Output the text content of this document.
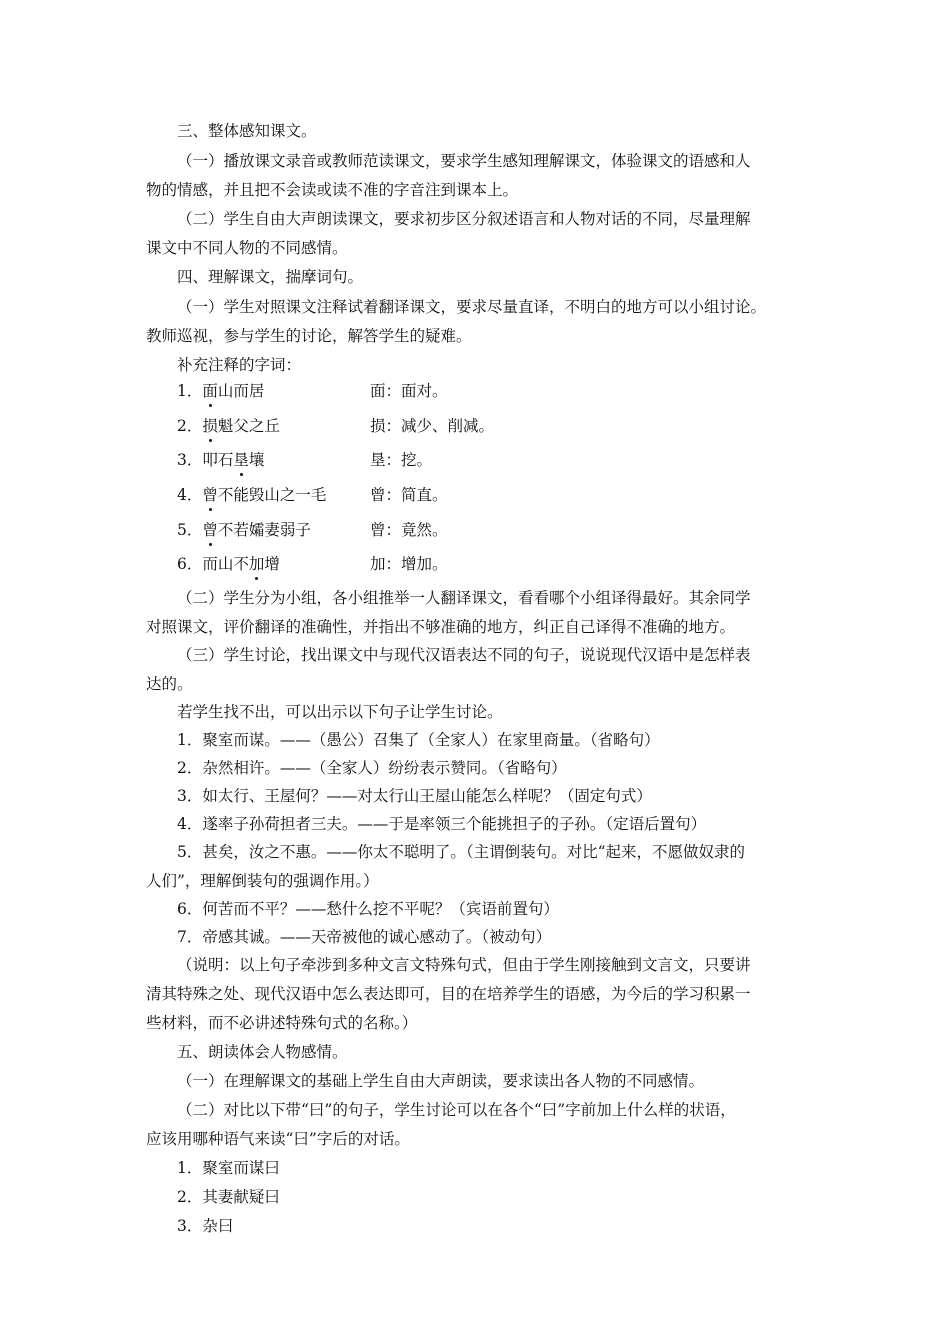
三、整体感知课文。
（一）播放课文录音或教师范读课文，要求学生感知理解课文，体验课文的语感和人
物的情感，并且把不会读或读不准的字音注到课本上。
（二）学生自由大声朗读课文，要求初步区分叙述语言和人物对话的不同，尽量理解
课文中不同人物的不同感情。
四、理解课文，揣摩词句。
（一）学生对照课文注释试着翻译课文，要求尽量直译，不明白的地方可以小组讨论。
教师巡视，参与学生的讨论，解答学生的疑难。
补充注释的字词：
1．面山而居	面：面对。
2．损魁父之丘	损：减少、削减。
3．叩石垦壤	垦：挖。
4．曾不能毁山之一毛	曾：简直。
5．曾不若孀妻弱子	曾：竟然。
6．而山不加增	加：增加。
（二）学生分为小组，各小组推举一人翻译课文，看看哪个小组译得最好。其余同学
对照课文，评价翻译的准确性，并指出不够准确的地方，纠正自己译得不准确的地方。
（三）学生讨论，找出课文中与现代汉语表达不同的句子，说说现代汉语中是怎样表
达的。
若学生找不出，可以出示以下句子让学生讨论。
1．聚室而谋。——（愚公）召集了（全家人）在家里商量。（省略句）
2．杂然相许。——（全家人）纷纷表示赞同。（省略句）
3．如太行、王屋何？——对太行山王屋山能怎么样呢？（固定句式）
4．遂率子孙荷担者三夫。——于是率领三个能挑担子的子孙。（定语后置句）
5．甚矣，汝之不惠。——你太不聪明了。（主谓倒装句。对比“起来，不愿做奴隶的
人们”，理解倒装句的强调作用。）
6．何苦而不平？——愁什么挖不平呢？（宾语前置句）
7．帝感其诚。——天帝被他的诚心感动了。（被动句）
（说明：以上句子牵涉到多种文言文特殊句式，但由于学生刚接触到文言文，只要讲
清其特殊之处、现代汉语中怎么表达即可，目的在培养学生的语感，为今后的学习积累一
些材料，而不必讲述特殊句式的名称。）
五、朗读体会人物感情。
（一）在理解课文的基础上学生自由大声朗读，要求读出各人物的不同感情。
（二）对比以下带“曰”的句子，学生讨论可以在各个“曰”字前加上什么样的状语，
应该用哪种语气来读“曰”字后的对话。
1．聚室而谋曰
2．其妻献疑曰
3．杂曰
